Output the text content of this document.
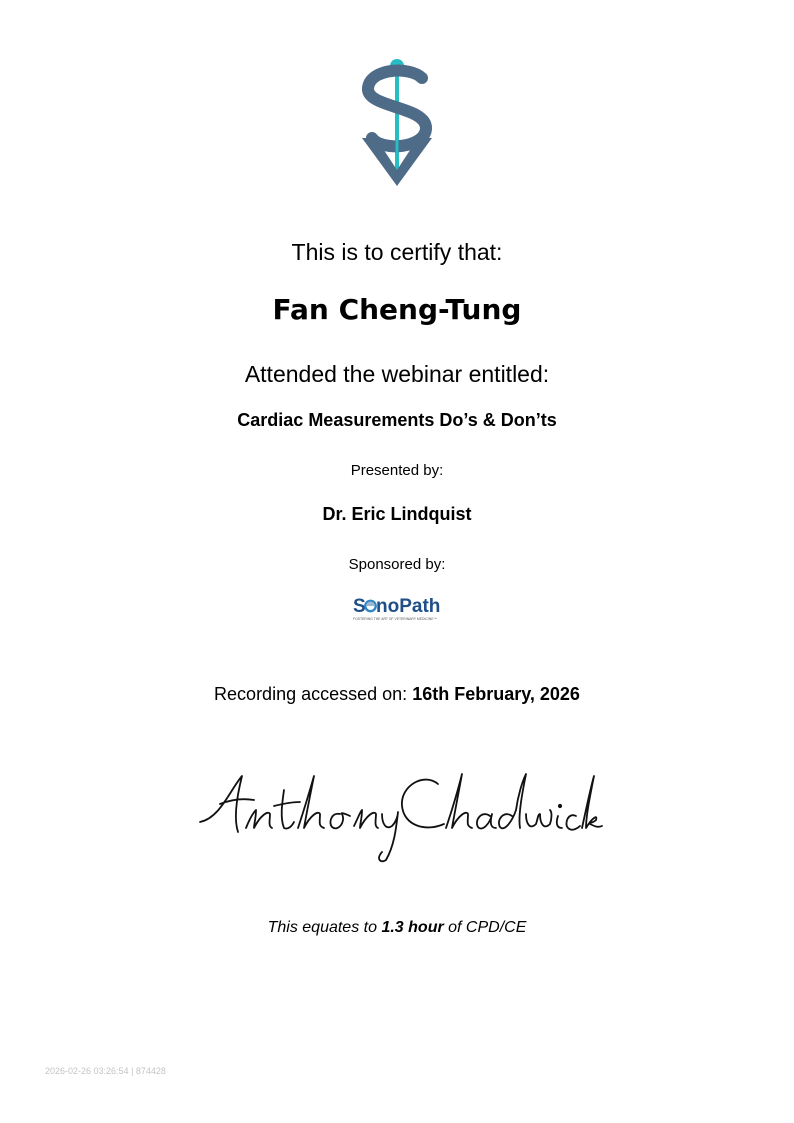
This is to certify that:
Fan Cheng-Tung
Attended the webinar entitled:
Cardiac Measurements Do’s & Don’ts
Presented by:
Dr. Eric Lindquist
Sponsored by:
S noPath
FOSTERING THE ART OF VETERINARY MEDICINE™
Recording accessed on: 16th February, 2026
This equates to 1.3 hour of CPD/CE
2026-02-26 03:26:54 | 874428
